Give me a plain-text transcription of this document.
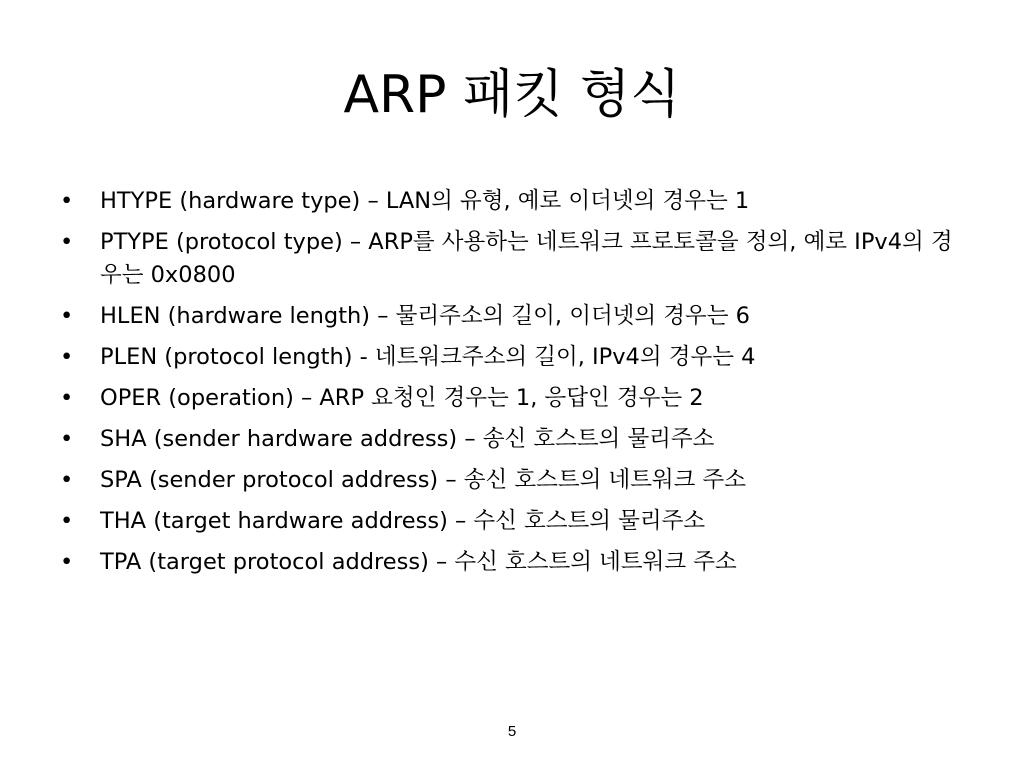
ARP 패킷 형식
• HTYPE (hardware type) – LAN의 유형, 예로 이더넷의 경우는 1
• PTYPE (protocol type) – ARP를 사용하는 네트워크 프로토콜을 정의, 예로 IPv4의 경우는 0x0800
• HLEN (hardware length) – 물리주소의 길이, 이더넷의 경우는 6
• PLEN (protocol length) - 네트워크주소의 길이, IPv4의 경우는 4
• OPER (operation) – ARP 요청인 경우는 1, 응답인 경우는 2
• SHA (sender hardware address) – 송신 호스트의 물리주소
• SPA (sender protocol address) – 송신 호스트의 네트워크 주소
• THA (target hardware address) – 수신 호스트의 물리주소
• TPA (target protocol address) – 수신 호스트의 네트워크 주소
5
